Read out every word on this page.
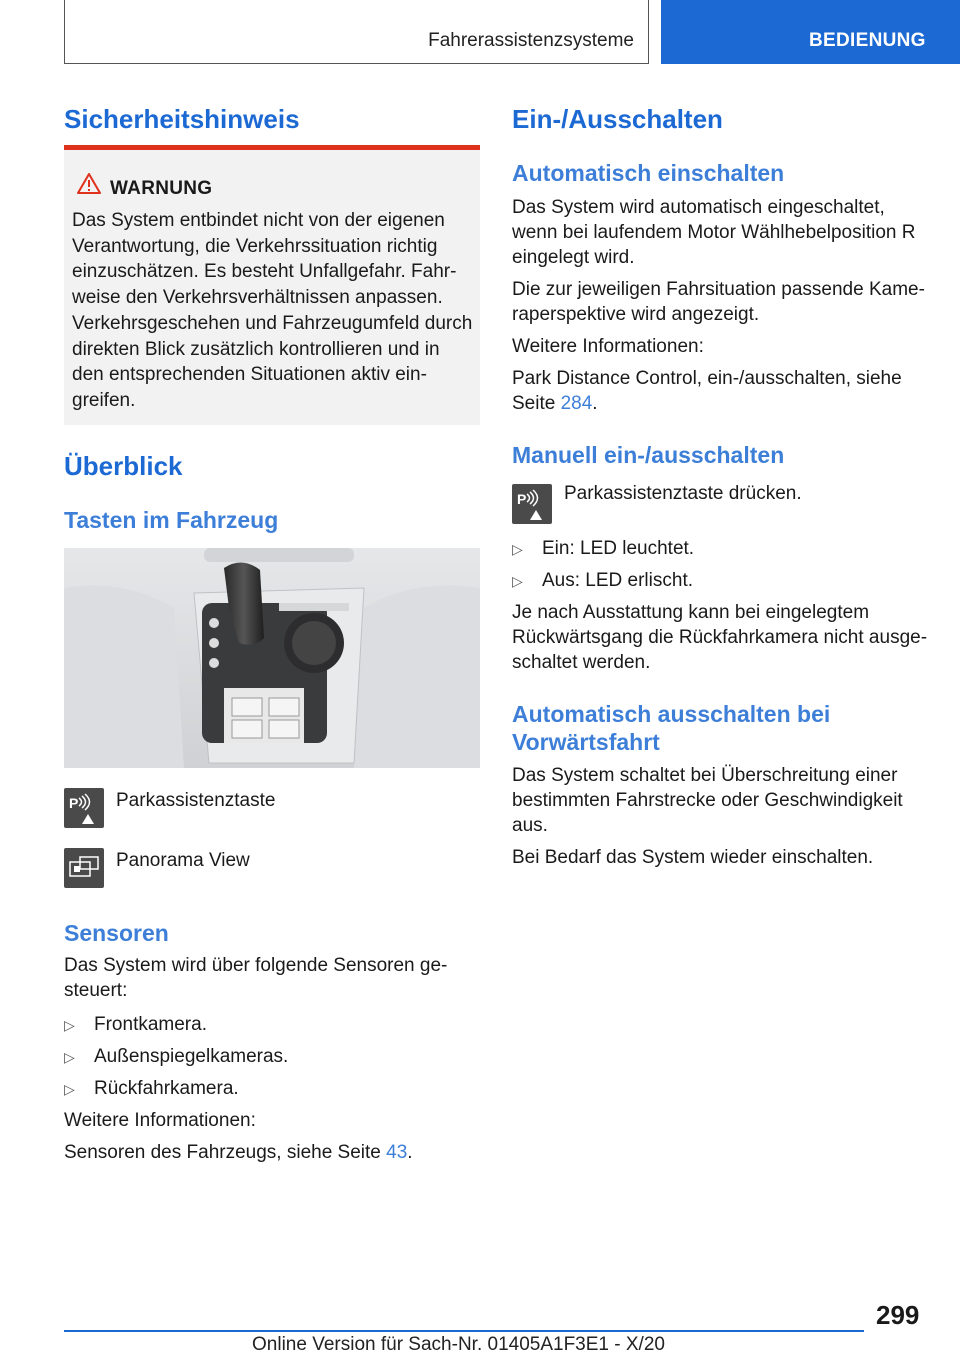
Fahrerassistenzsysteme	BEDIENUNG
Sicherheitshinweis
WARNUNG
Das System entbindet nicht von der eigenen Verantwortung, die Verkehrssituation richtig einzuschätzen. Es besteht Unfallgefahr. Fahrweise den Verkehrsverhältnissen anpassen. Verkehrsgeschehen und Fahrzeugumfeld durch direkten Blick zusätzlich kontrollieren und in den entsprechenden Situationen aktiv eingreifen.
Überblick
Tasten im Fahrzeug
P Parkassistenztaste

Panorama View

Sensoren

Das System wird über folgende Sensoren gesteuert:

▷ Frontkamera.

▷ Außenspiegelkameras.

▷ Rückfahrkamera.

Weitere Informationen:

Sensoren des Fahrzeugs, siehe Seite 43.

Ein-/Ausschalten
Automatisch einschalten

Das System wird automatisch eingeschaltet, wenn bei laufendem Motor Wählhebelposition R eingelegt wird.

Die zur jeweiligen Fahrsituation passende Kameraperspektive wird angezeigt.

Weitere Informationen:

Park Distance Control, ein-/ausschalten, siehe Seite 284.

Manuell ein-/ausschalten
P Parkassistenztaste drücken.

▷ Ein: LED leuchtet.

▷ Aus: LED erlischt.

Je nach Ausstattung kann bei eingelegtem Rückwärtsgang die Rückfahrkamera nicht ausgeschaltet werden.

Automatisch ausschalten bei Vorwärtsfahrt

Das System schaltet bei Überschreitung einer bestimmten Fahrstrecke oder Geschwindigkeit aus.

Bei Bedarf das System wieder einschalten.

299
Online Version für Sach-Nr. 01405A1F3E1 - X/20
